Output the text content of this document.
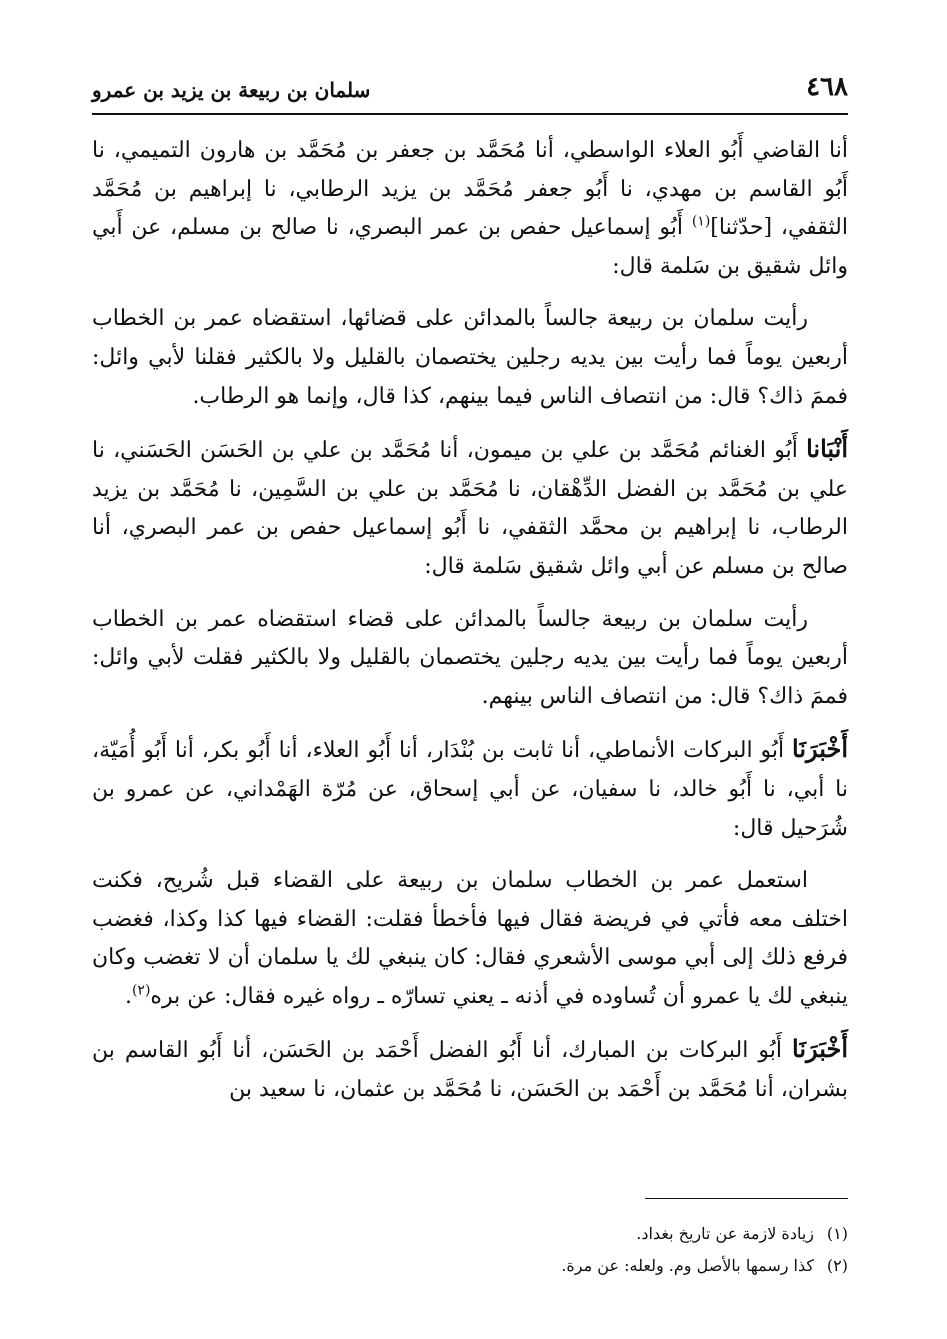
٤٦٨
سلمان بن ربيعة بن يزيد بن عمرو

أنا القاضي أَبُو العلاء الواسطي، أنا مُحَمَّد بن جعفر بن مُحَمَّد بن هارون التميمي، نا أَبُو القاسم بن مهدي، نا أَبُو جعفر مُحَمَّد بن يزيد الرطابي، نا إبراهيم بن مُحَمَّد الثقفي، [حدّثنا]$^{(١)}$ أَبُو إسماعيل حفص بن عمر البصري، نا صالح بن مسلم، عن أَبي وائل شقيق بن سَلمة قال:

رأيت سلمان بن ربيعة جالساً بالمدائن على قضائها، استقضاه عمر بن الخطاب أربعين يوماً فما رأيت بين يديه رجلين يختصمان بالقليل ولا بالكثير فقلنا لأبي وائل: فممَ ذاك؟ قال: من انتصاف الناس فيما بينهم، كذا قال، وإنما هو الرطاب.

أَنْبَانا أَبُو الغنائم مُحَمَّد بن علي بن ميمون، أنا مُحَمَّد بن علي بن الحَسَن الحَسَني، نا علي بن مُحَمَّد بن الفضل الدِّهْقان، نا مُحَمَّد بن علي بن السَّمِين، نا مُحَمَّد بن يزيد الرطاب، نا إبراهيم بن محمَّد الثقفي، نا أَبُو إسماعيل حفص بن عمر البصري، أنا صالح بن مسلم عن أبي وائل شقيق سَلمة قال:

رأيت سلمان بن ربيعة جالساً بالمدائن على قضاء استقضاه عمر بن الخطاب أربعين يوماً فما رأيت بين يديه رجلين يختصمان بالقليل ولا بالكثير فقلت لأبي وائل: فممَ ذاك؟ قال: من انتصاف الناس بينهم.

أَخْبَرَنَا أَبُو البركات الأنماطي، أنا ثابت بن بُنْدَار، أنا أَبُو العلاء، أنا أَبُو بكر، أنا أَبُو أُمَيّة، نا أبي، نا أَبُو خالد، نا سفيان، عن أبي إسحاق، عن مُرّة الهَمْداني، عن عمرو بن شُرَحيل قال:

استعمل عمر بن الخطاب سلمان بن ربيعة على القضاء قبل شُريح، فكنت اختلف معه فأتي في فريضة فقال فيها فأخطأ فقلت: القضاء فيها كذا وكذا، فغضب فرفع ذلك إلى أبي موسى الأشعري فقال: كان ينبغي لك يا سلمان أن لا تغضب وكان ينبغي لك يا عمرو أن تُساوده في أذنه ـ يعني تسارّه ـ رواه غيره فقال: عن بره$^{(٢)}$.

أَخْبَرَنَا أَبُو البركات بن المبارك، أنا أَبُو الفضل أَحْمَد بن الحَسَن، أنا أَبُو القاسم بن بشران، أنا مُحَمَّد بن أَحْمَد بن الحَسَن، نا مُحَمَّد بن عثمان، نا سعيد بن

(١)زيادة لازمة عن تاريخ بغداد.
(٢)كذا رسمها بالأصل وم. ولعله: عن مرة.
